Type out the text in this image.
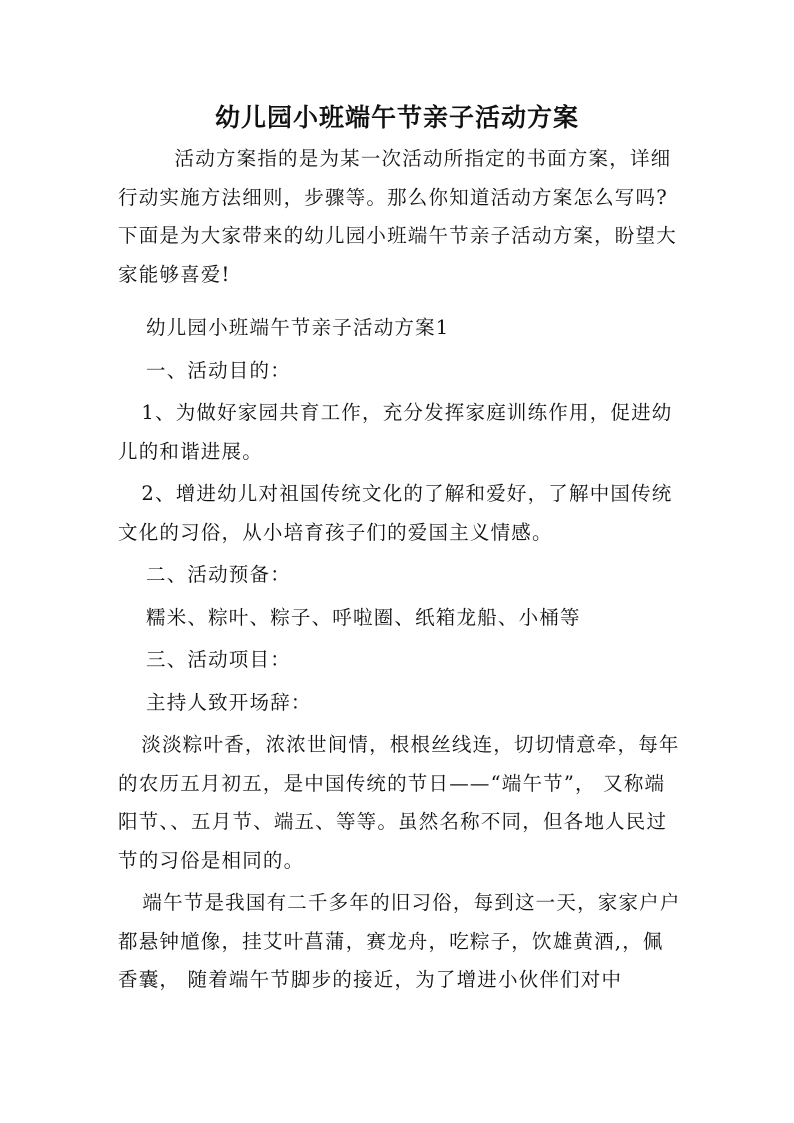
幼儿园小班端午节亲子活动方案

活动方案指的是为某一次活动所指定的书面方案，详细行动实施方法细则，步骤等。那么你知道活动方案怎么写吗?下面是为大家带来的幼儿园小班端午节亲子活动方案，盼望大家能够喜爱!

幼儿园小班端午节亲子活动方案1

一、活动目的：

1、为做好家园共育工作，充分发挥家庭训练作用，促进幼儿的和谐进展。

2、增进幼儿对祖国传统文化的了解和爱好，了解中国传统文化的习俗，从小培育孩子们的爱国主义情感。

二、活动预备：

糯米、粽叶、粽子、呼啦圈、纸箱龙船、小桶等

三、活动项目：

主持人致开场辞：

淡淡粽叶香，浓浓世间情，根根丝线连，切切情意牵，每年的农历五月初五，是中国传统的节日——“端午节”， 又称端阳节、、五月节、端五、等等。虽然名称不同，但各地人民过节的习俗是相同的。

端午节是我国有二千多年的旧习俗，每到这一天，家家户户都悬钟馗像，挂艾叶菖蒲，赛龙舟，吃粽子，饮雄黄酒,，佩香囊， 随着端午节脚步的接近，为了增进小伙伴们对中
